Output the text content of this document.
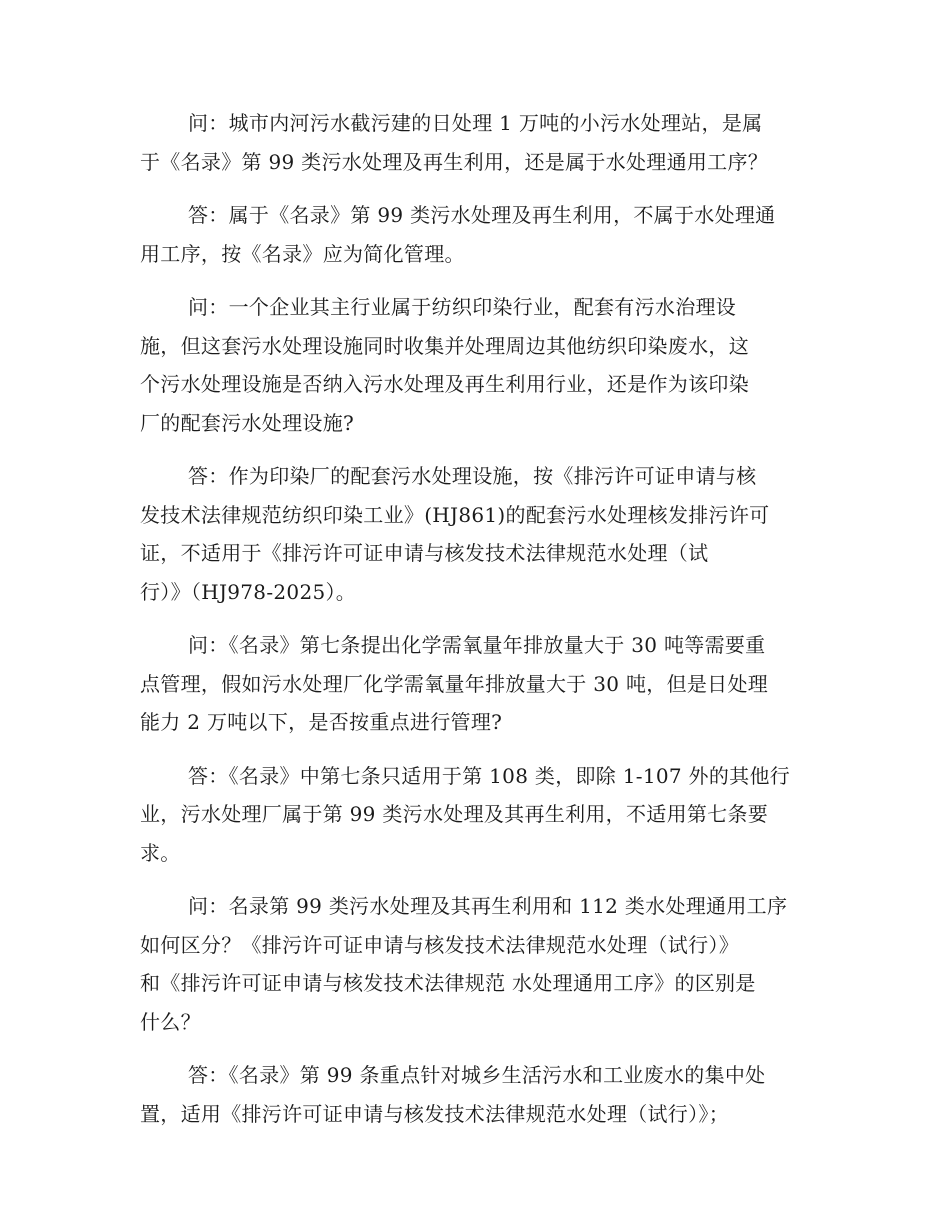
问：城市内河污水截污建的日处理 1 万吨的小污水处理站，是属
于《名录》第 99 类污水处理及再生利用，还是属于水处理通用工序？

答：属于《名录》第 99 类污水处理及再生利用，不属于水处理通
用工序，按《名录》应为简化管理。

问：一个企业其主行业属于纺织印染行业，配套有污水治理设
施，但这套污水处理设施同时收集并处理周边其他纺织印染废水，这
个污水处理设施是否纳入污水处理及再生利用行业，还是作为该印染
厂的配套污水处理设施?

答：作为印染厂的配套污水处理设施，按《排污许可证申请与核
发技术法律规范纺织印染工业》(HJ861)的配套污水处理核发排污许可
证，不适用于《排污许可证申请与核发技术法律规范水处理（试
行）》（HJ978-2025）。

问：《名录》第七条提出化学需氧量年排放量大于 30 吨等需要重
点管理，假如污水处理厂化学需氧量年排放量大于 30 吨，但是日处理
能力 2 万吨以下，是否按重点进行管理?

答：《名录》中第七条只适用于第 108 类，即除 1-107 外的其他行
业，污水处理厂属于第 99 类污水处理及其再生利用，不适用第七条要
求。

问：名录第 99 类污水处理及其再生利用和 112 类水处理通用工序
如何区分？《排污许可证申请与核发技术法律规范水处理（试行）》
和《排污许可证申请与核发技术法律规范 水处理通用工序》的区别是
什么？

答：《名录》第 99 条重点针对城乡生活污水和工业废水的集中处
置，适用《排污许可证申请与核发技术法律规范水处理（试行）》；
